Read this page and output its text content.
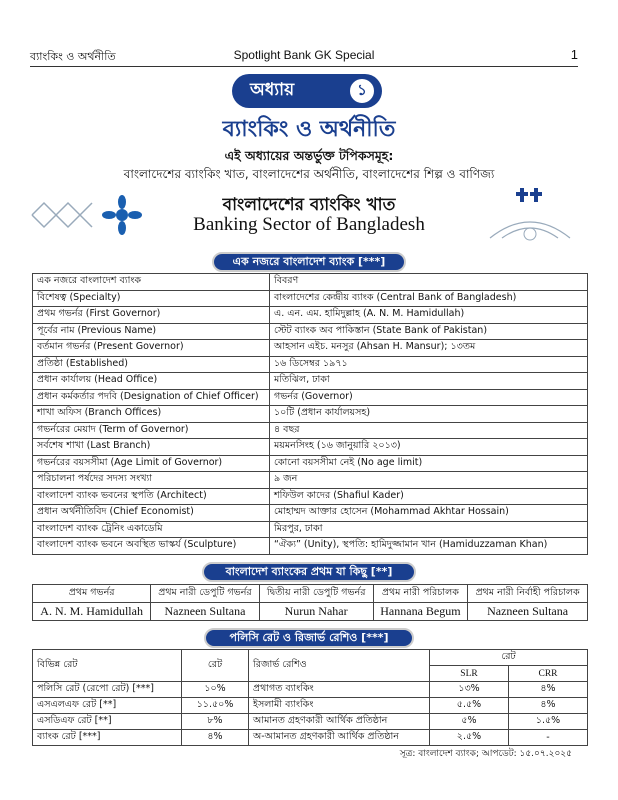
ব্যাংকিং ও অর্থনীতি	Spotlight Bank GK Special	1
অধ্যায়	১
ব্যাংকিং ও অর্থনীতি
এই অধ্যায়ের অন্তর্ভুক্ত টপিকসমূহ:
বাংলাদেশের ব্যাংকিং খাত, বাংলাদেশের অর্থনীতি, বাংলাদেশের শিল্প ও বাণিজ্য
বাংলাদেশের ব্যাংকিং খাত
Banking Sector of Bangladesh
এক নজরে বাংলাদেশ ব্যাংক [***]
এক নজরে বাংলাদেশ ব্যাংক	বিবরণ
বিশেষত্ব (Specialty)	বাংলাদেশের কেন্দ্রীয় ব্যাংক (Central Bank of Bangladesh)
প্রথম গভর্নর (First Governor)	এ. এন. এম. হামিদুল্লাহ (A. N. M. Hamidullah)
পূর্বের নাম (Previous Name)	স্টেট ব্যাংক অব পাকিস্তান (State Bank of Pakistan)
বর্তমান গভর্নর (Present Governor)	আহসান এইচ. মনসুর (Ahsan H. Mansur); ১৩তম
প্রতিষ্ঠা (Established)	১৬ ডিসেম্বর ১৯৭১
প্রধান কার্যালয় (Head Office)	মতিঝিল, ঢাকা
প্রধান কর্মকর্তার পদবি (Designation of Chief Officer)	গভর্নর (Governor)
শাখা অফিস (Branch Offices)	১০টি (প্রধান কার্যালয়সহ)
গভর্নরের মেয়াদ (Term of Governor)	৪ বছর
সর্বশেষ শাখা (Last Branch)	ময়মনসিংহ (১৬ জানুয়ারি ২০১৩)
গভর্নরের বয়সসীমা (Age Limit of Governor)	কোনো বয়সসীমা নেই (No age limit)
পরিচালনা পর্ষদের সদস্য সংখ্যা	৯ জন
বাংলাদেশ ব্যাংক ভবনের স্থপতি (Architect)	শফিউল কাদের (Shafiul Kader)
প্রধান অর্থনীতিবিদ (Chief Economist)	মোহাম্মদ আক্তার হোসেন (Mohammad Akhtar Hossain)
বাংলাদেশ ব্যাংক ট্রেনিং একাডেমি	মিরপুর, ঢাকা
বাংলাদেশ ব্যাংক ভবনে অবস্থিত ভাস্কর্য (Sculpture)	“ঐক্য” (Unity), স্থপতি: হামিদুজ্জামান খান (Hamiduzzaman Khan)
বাংলাদেশ ব্যাংকের প্রথম যা কিছু [**]
প্রথম গভর্নর	প্রথম নারী ডেপুটি গভর্নর	দ্বিতীয় নারী ডেপুটি গভর্নর	প্রথম নারী পরিচালক	প্রথম নারী নির্বাহী পরিচালক
A. N. M. Hamidullah	Nazneen Sultana	Nurun Nahar	Hannana Begum	Nazneen Sultana
পলিসি রেট ও রিজার্ভ রেশিও [***]
বিভিন্ন রেট	রেট	রিজার্ভ রেশিও	রেট	
			SLR	CRR
পলিসি রেট (রেপো রেট) [***]	১০%	প্রথাগত ব্যাংকিং	১৩%	৪%
এসএলএফ রেট [**]	১১.৫০%	ইসলামী ব্যাংকিং	৫.৫%	৪%
এসডিএফ রেট [**]	৮%	আমানত গ্রহণকারী আর্থিক প্রতিষ্ঠান	৫%	১.৫%
ব্যাংক রেট [***]	৪%	অ-আমানত গ্রহণকারী আর্থিক প্রতিষ্ঠান	২.৫%	-
সূত্র: বাংলাদেশ ব্যাংক; আপডেট: ১৫.০৭.২০২৫
